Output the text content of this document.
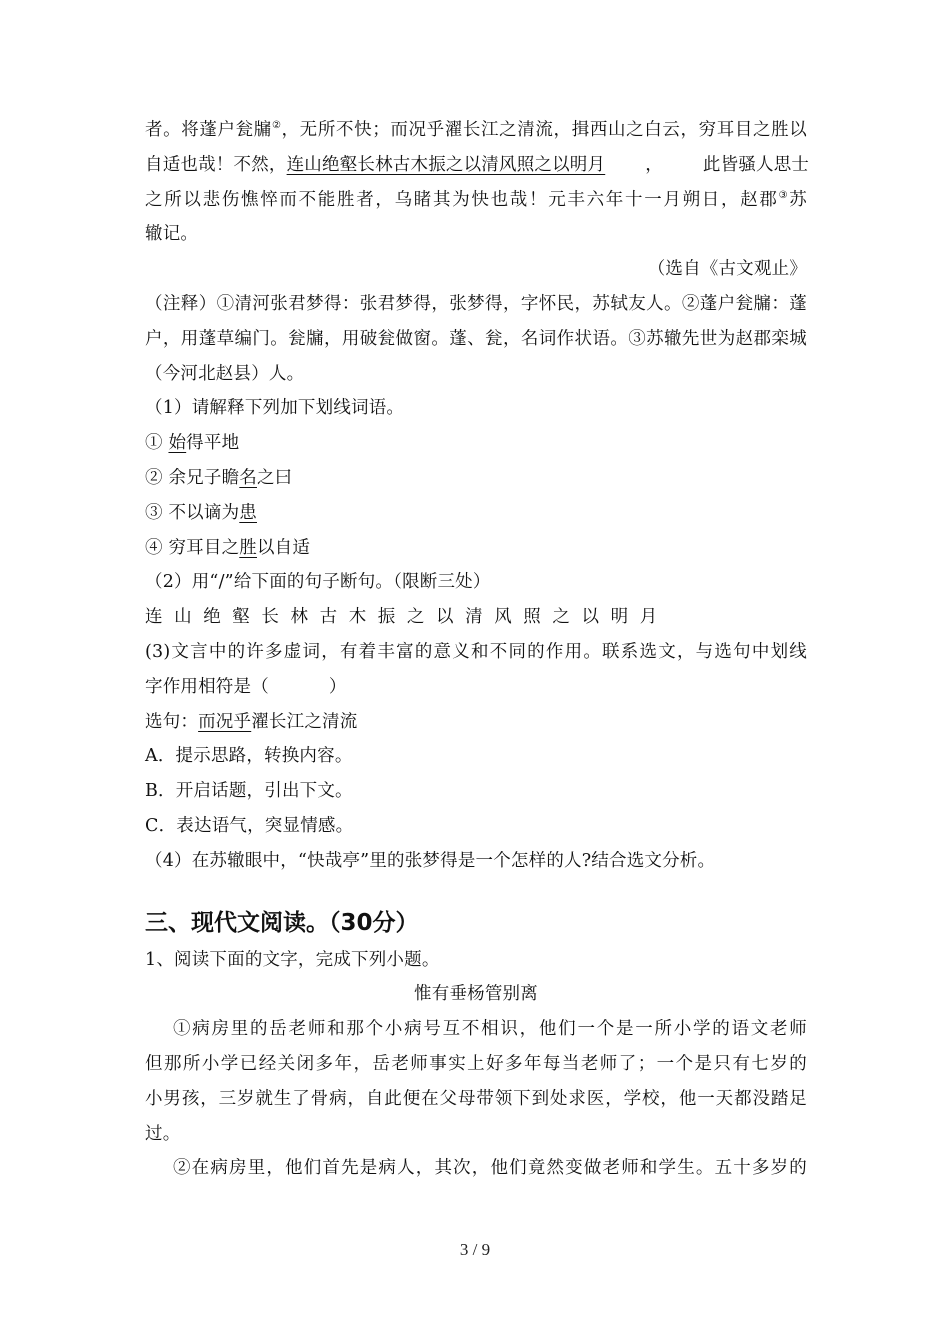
者。将蓬户瓮牖②，无所不快；而况乎濯长江之清流，揖西山之白云，穷耳目之胜以
自适也哉！不然，连山绝壑长林古木振之以清风照之以明月 ， 此皆骚人思士
之所以悲伤憔悴而不能胜者，乌睹其为快也哉！元丰六年十一月朔日，赵郡③苏
辙记。
（选自《古文观止》
（注释）①清河张君梦得：张君梦得，张梦得，字怀民，苏轼友人。②蓬户瓮牖：蓬
户，用蓬草编门。瓮牖，用破瓮做窗。蓬、瓮，名词作状语。③苏辙先世为赵郡栾城
（今河北赵县）人。
（1）请解释下列加下划线词语。
① 始得平地
② 余兄子瞻名之曰
③ 不以谪为患
④ 穷耳目之胜以自适
（2）用“/”给下面的句子断句。（限断三处）
连山绝壑长林古木振之以清风照之以明月
(3)文言中的许多虚词，有着丰富的意义和不同的作用。联系选文，与选句中划线
字作用相符是（	）
选句：而况乎濯长江之清流
A．提示思路，转换内容。
B．开启话题，引出下文。
C．表达语气，突显情感。
（4）在苏辙眼中，“快哉亭”里的张梦得是一个怎样的人?结合选文分析。
三、现代文阅读。（30分）
1、阅读下面的文字，完成下列小题。
惟有垂杨管别离
①病房里的岳老师和那个小病号互不相识，他们一个是一所小学的语文老师
但那所小学已经关闭多年，岳老师事实上好多年每当老师了；一个是只有七岁的
小男孩，三岁就生了骨病，自此便在父母带领下到处求医，学校，他一天都没踏足
过。
②在病房里，他们首先是病人，其次，他们竟然变做老师和学生。五十多岁的
3 / 9
